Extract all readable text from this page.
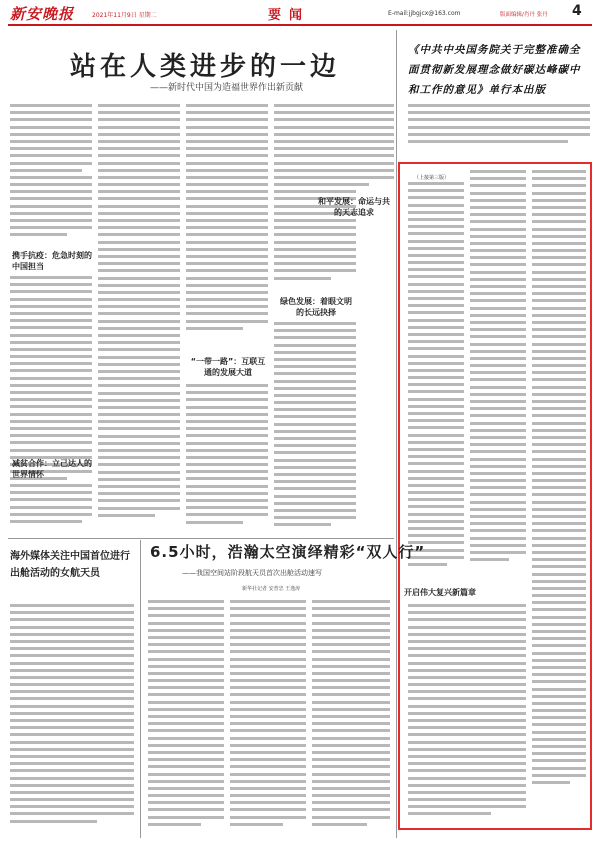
新安晚报	2021年11月9日 星期二	要闻	E-mail:jjbgjcx@163.com	版面编辑/肖丹 张丹 4
站在人类进步的一边
——新时代中国为造福世界作出新贡献
携手抗疫：危急时刻的中国担当
减贫合作：立己达人的世界情怀
“一带一路”：互联互通的发展大道
绿色发展：着眼文明的长远抉择
和平发展：命运与共的天志追求
《中共中央国务院关于完整准确全面贯彻新发展理念做好碳达峰碳中和工作的意见》单行本出版
（上接第三版）
开启伟大复兴新篇章
海外媒体关注中国首位进行出舱活动的女航天员
6.5小时，浩瀚太空演绎精彩“双人行”
——我国空间站阶段航天员首次出舱活动速写
新华社记者 安普忠 王逸涛
